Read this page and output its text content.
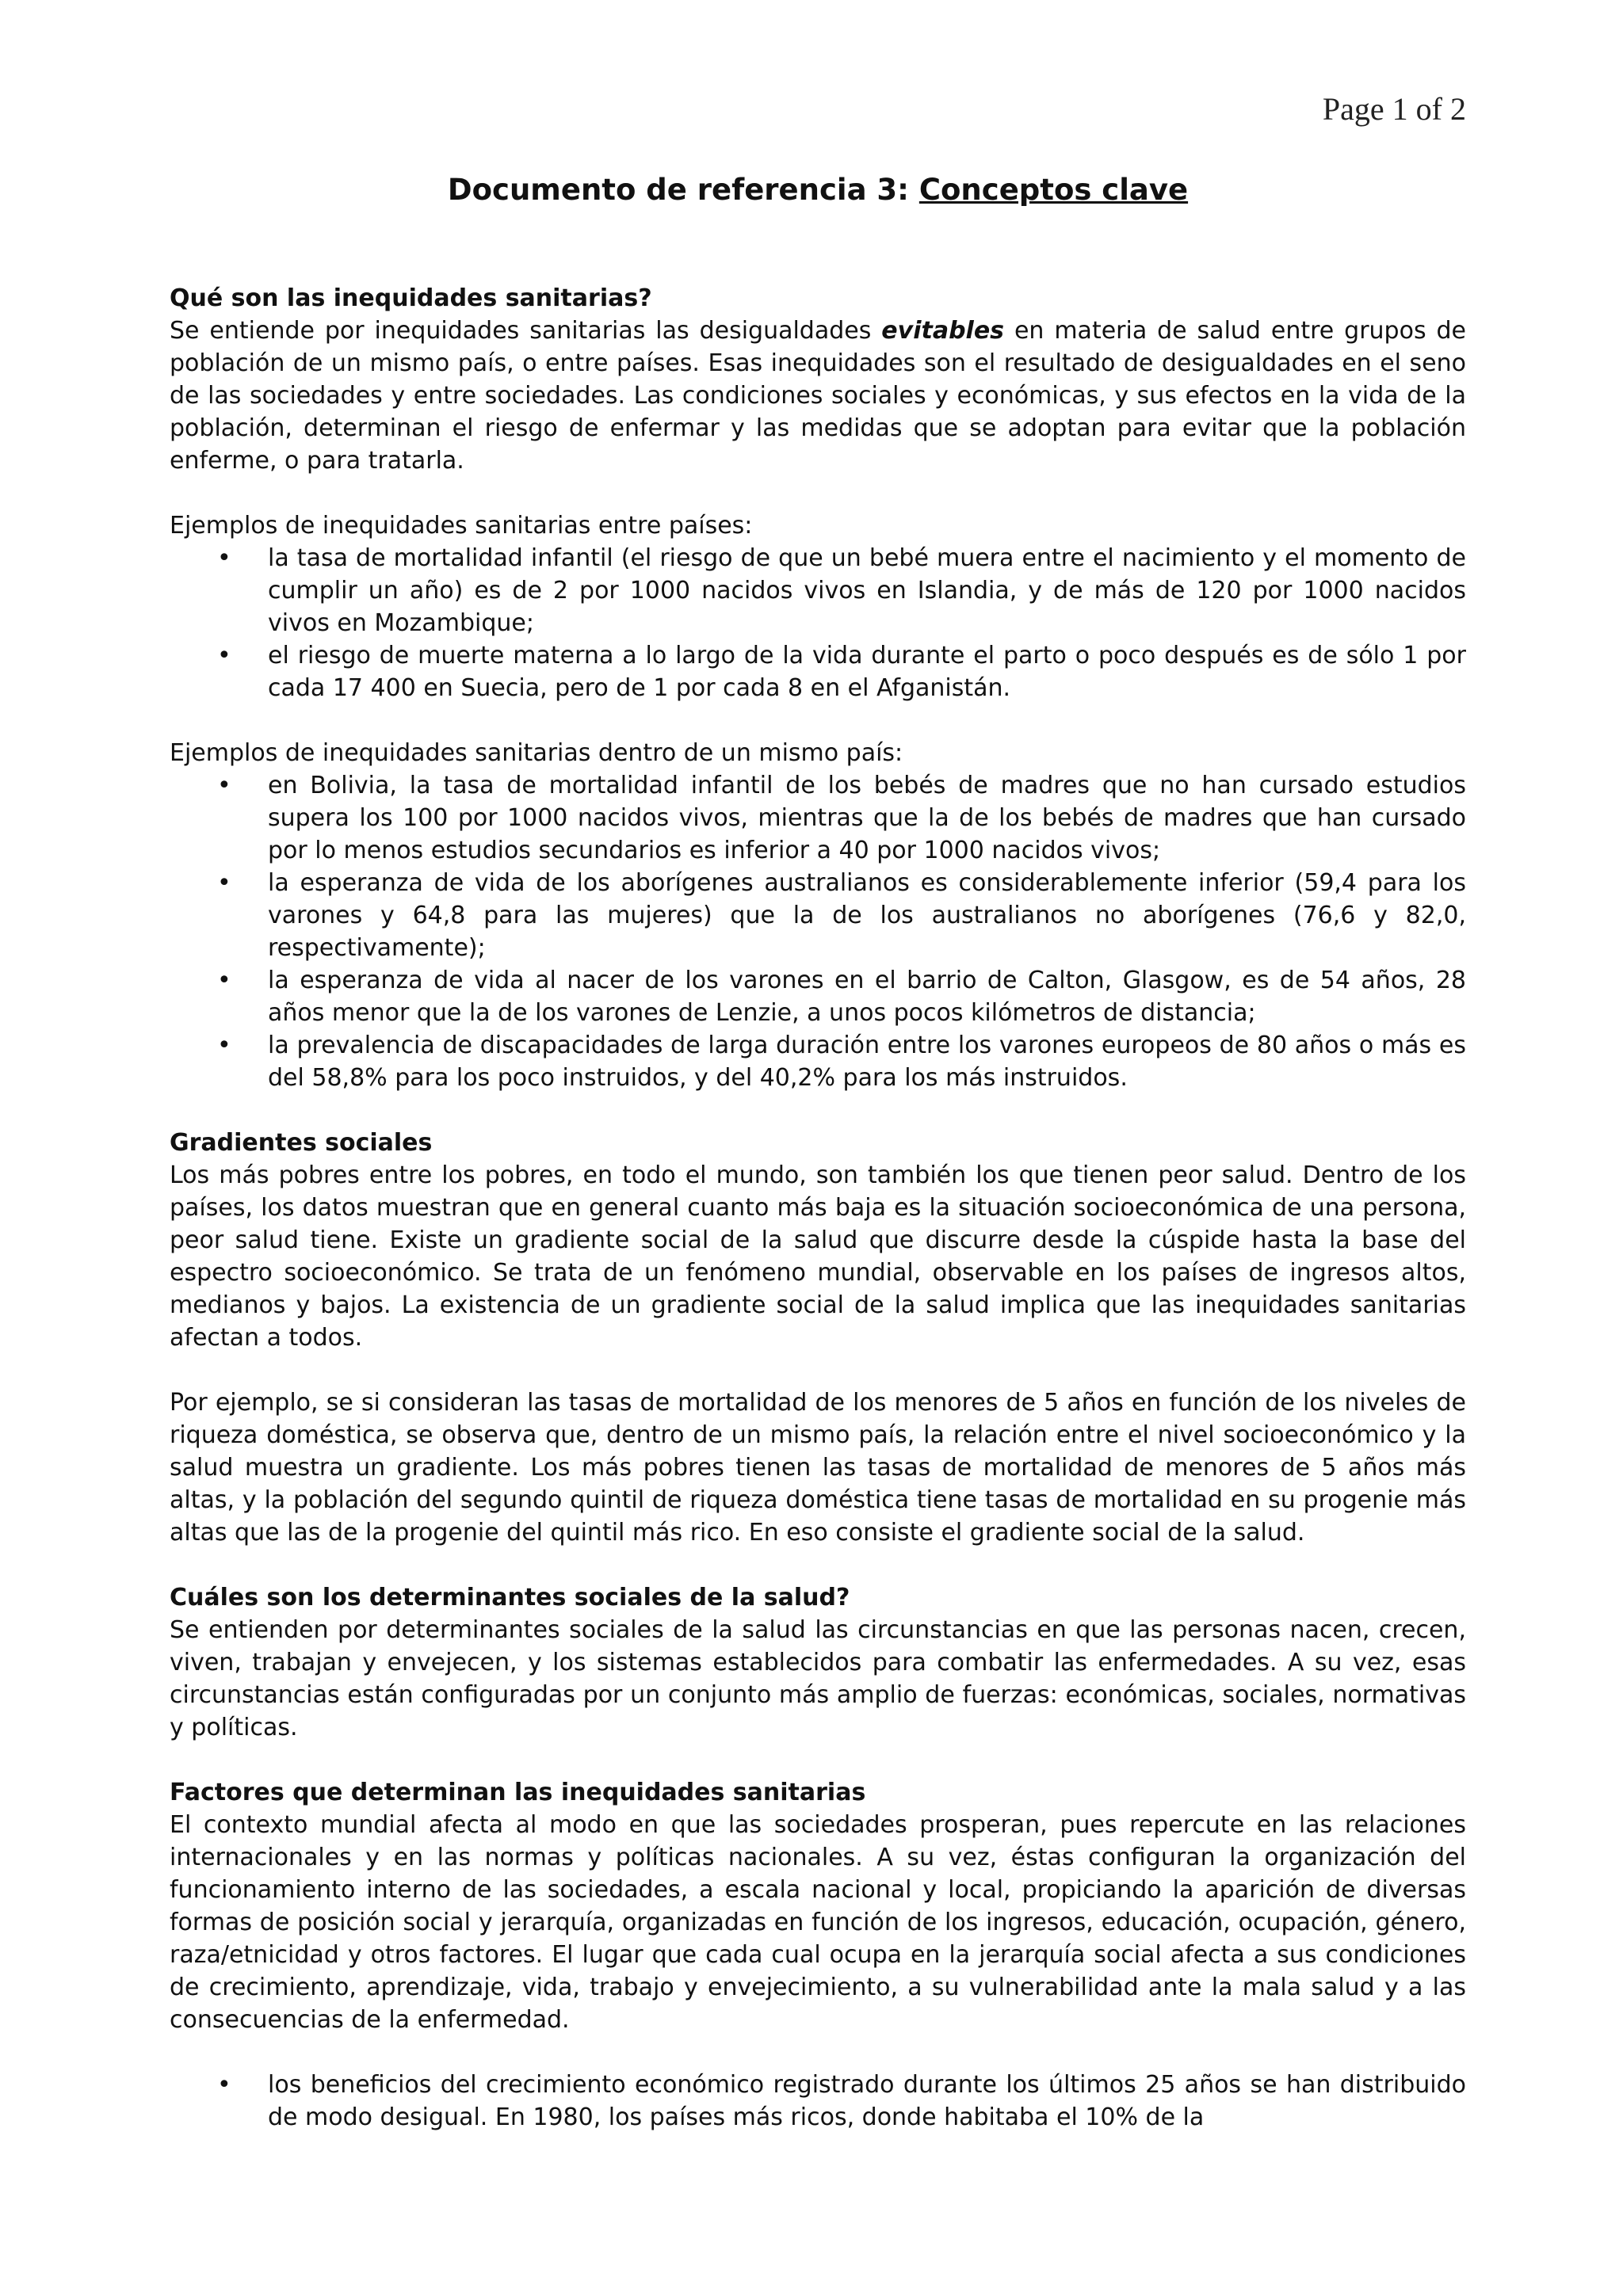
Page 1 of 2
Documento de referencia 3: Conceptos clave
Qué son las inequidades sanitarias?

Se entiende por inequidades sanitarias las desigualdades evitables en materia de salud entre grupos de población de un mismo país, o entre países. Esas inequidades son el resultado de desigualdades en el seno de las sociedades y entre sociedades. Las condiciones sociales y económicas, y sus efectos en la vida de la población, determinan el riesgo de enfermar y las medidas que se adoptan para evitar que la población enferme, o para tratarla.

Ejemplos de inequidades sanitarias entre países:

• la tasa de mortalidad infantil (el riesgo de que un bebé muera entre el nacimiento y el momento de cumplir un año) es de 2 por 1000 nacidos vivos en Islandia, y de más de 120 por 1000 nacidos vivos en Mozambique;
• el riesgo de muerte materna a lo largo de la vida durante el parto o poco después es de sólo 1 por cada 17 400 en Suecia, pero de 1 por cada 8 en el Afganistán.

Ejemplos de inequidades sanitarias dentro de un mismo país:

• en Bolivia, la tasa de mortalidad infantil de los bebés de madres que no han cursado estudios supera los 100 por 1000 nacidos vivos, mientras que la de los bebés de madres que han cursado por lo menos estudios secundarios es inferior a 40 por 1000 nacidos vivos;
• la esperanza de vida de los aborígenes australianos es considerablemente inferior (59,4 para los varones y 64,8 para las mujeres) que la de los australianos no aborígenes (76,6 y 82,0, respectivamente);
• la esperanza de vida al nacer de los varones en el barrio de Calton, Glasgow, es de 54 años, 28 años menor que la de los varones de Lenzie, a unos pocos kilómetros de distancia;
• la prevalencia de discapacidades de larga duración entre los varones europeos de 80 años o más es del 58,8% para los poco instruidos, y del 40,2% para los más instruidos.
Gradientes sociales

Los más pobres entre los pobres, en todo el mundo, son también los que tienen peor salud. Dentro de los países, los datos muestran que en general cuanto más baja es la situación socioeconómica de una persona, peor salud tiene. Existe un gradiente social de la salud que discurre desde la cúspide hasta la base del espectro socioeconómico. Se trata de un fenómeno mundial, observable en los países de ingresos altos, medianos y bajos. La existencia de un gradiente social de la salud implica que las inequidades sanitarias afectan a todos.

Por ejemplo, se si consideran las tasas de mortalidad de los menores de 5 años en función de los niveles de riqueza doméstica, se observa que, dentro de un mismo país, la relación entre el nivel socioeconómico y la salud muestra un gradiente. Los más pobres tienen las tasas de mortalidad de menores de 5 años más altas, y la población del segundo quintil de riqueza doméstica tiene tasas de mortalidad en su progenie más altas que las de la progenie del quintil más rico. En eso consiste el gradiente social de la salud.

Cuáles son los determinantes sociales de la salud?

Se entienden por determinantes sociales de la salud las circunstancias en que las personas nacen, crecen, viven, trabajan y envejecen, y los sistemas establecidos para combatir las enfermedades. A su vez, esas circunstancias están configuradas por un conjunto más amplio de fuerzas: económicas, sociales, normativas y políticas.

Factores que determinan las inequidades sanitarias

El contexto mundial afecta al modo en que las sociedades prosperan, pues repercute en las relaciones internacionales y en las normas y políticas nacionales. A su vez, éstas configuran la organización del funcionamiento interno de las sociedades, a escala nacional y local, propiciando la aparición de diversas formas de posición social y jerarquía, organizadas en función de los ingresos, educación, ocupación, género, raza/etnicidad y otros factores. El lugar que cada cual ocupa en la jerarquía social afecta a sus condiciones de crecimiento, aprendizaje, vida, trabajo y envejecimiento, a su vulnerabilidad ante la mala salud y a las consecuencias de la enfermedad.

• los beneficios del crecimiento económico registrado durante los últimos 25 años se han distribuido de modo desigual. En 1980, los países más ricos, donde habitaba el 10% de la
